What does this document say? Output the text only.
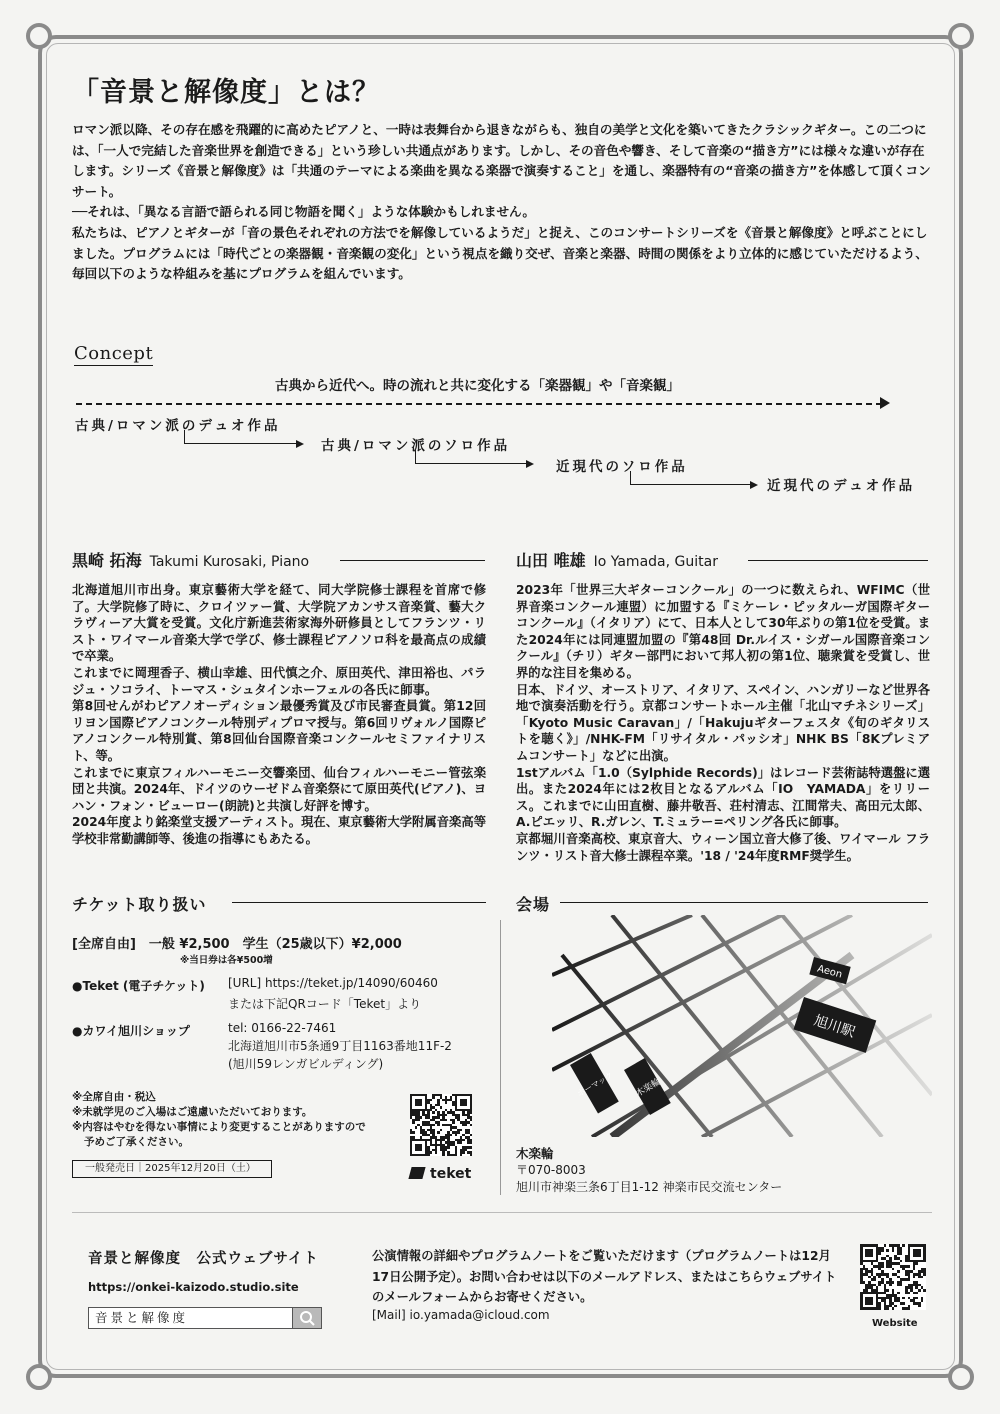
「音景と解像度」とは？

ロマン派以降、その存在感を飛躍的に高めたピアノと、一時は表舞台から退きながらも、独自の美学と文化を築いてきたクラシックギター。この二つには、「一人で完結した音楽世界を創造できる」という珍しい共通点があります。しかし、その音色や響き、そして音楽の“描き方”には様々な違いが存在します。シリーズ《音景と解像度》は「共通のテーマによる楽曲を異なる楽器で演奏すること」を通し、楽器特有の“音楽の描き方”を体感して頂くコンサート。

──それは、「異なる言語で語られる同じ物語を聞く」ような体験かもしれません。

私たちは、ピアノとギターが「音の景色それぞれの方法でを解像しているようだ」と捉え、このコンサートシリーズを《音景と解像度》と呼ぶことにしました。プログラムには「時代ごとの楽器観・音楽観の変化」という視点を織り交ぜ、音楽と楽器、時間の関係をより立体的に感じていただけるよう、毎回以下のような枠組みを基にプログラムを組んでいます。

Concept
古典から近代へ。時の流れと共に変化する「楽器観」や「音楽観」
古典/ロマン派のデュオ作品
古典/ロマン派のソロ作品
近現代のソロ作品
近現代のデュオ作品
黒崎 拓海 Takumi Kurosaki, Piano
北海道旭川市出身。東京藝術大学を経て、同大学院修士課程を首席で修了。大学院修了時に、クロイツァー賞、大学院アカンサス音楽賞、藝大クラヴィーア大賞を受賞。文化庁新進芸術家海外研修員としてフランツ・リスト・ワイマール音楽大学で学び、修士課程ピアノソロ科を最高点の成績で卒業。
これまでに岡理香子、横山幸雄、田代慎之介、原田英代、津田裕也、パラジュ・ソコライ、トーマス・シュタインホーフェルの各氏に師事。
第8回せんがわピアノオーディション最優秀賞及び市民審査員賞。第12回リヨン国際ピアノコンクール特別ディプロマ授与。第6回リヴォルノ国際ピアノコンクール特別賞、第8回仙台国際音楽コンクールセミファイナリスト、等。
これまでに東京フィルハーモニー交響楽団、仙台フィルハーモニー管弦楽団と共演。2024年、ドイツのウーゼドム音楽祭にて原田英代(ピアノ)、ヨハン・フォン・ビューロー(朗読)と共演し好評を博す。
2024年度より銘楽堂支援アーティスト。現在、東京藝術大学附属音楽高等学校非常勤講師等、後進の指導にもあたる。
山田 唯雄 Io Yamada, Guitar
2023年「世界三大ギターコンクール」の一つに数えられ、WFIMC（世界音楽コンクール連盟）に加盟する『ミケーレ・ピッタルーガ国際ギターコンクール』（イタリア）にて、日本人として30年ぶりの第1位を受賞。また2024年には同連盟加盟の『第48回 Dr.ルイス・シガール国際音楽コンクール』（チリ）ギター部門において邦人初の第1位、聴衆賞を受賞し、世界的な注目を集める。
日本、ドイツ、オーストリア、イタリア、スペイン、ハンガリーなど世界各地で演奏活動を行う。京都コンサートホール主催「北山マチネシリーズ」「Kyoto Music Caravan」/「Hakujuギターフェスタ《旬のギタリストを聴く》」/NHK-FM「リサイタル・パッシオ」NHK BS「8Kプレミアムコンサート」などに出演。
1stアルバム「1.0（Sylphide Records)」はレコード芸術誌特選盤に選出。また2024年には2枚目となるアルバム「IO　YAMADA」をリリース。これまでに山田直樹、藤井敬吾、荘村清志、江間常夫、高田元太郎、A.ピエッリ、R.ガレン、T.ミュラー=ペリング各氏に師事。
京都堀川音楽高校、東京音大、ウィーン国立音大修了後、ワイマール フランツ・リスト音大修士課程卒業。'18 / '24年度RMF奨学生。
チケット取り扱い
[全席自由]　一般 ¥2,500　学生（25歳以下）¥2,000
※当日券は各¥500増
●Teket (電子チケット) [URL] https://teket.jp/14090/60460
または下記QRコード「Teket」より
●カワイ旭川ショップ	tel: 0166-22-7461
北海道旭川市5条通9丁目1163番地11F-2
(旭川59レンガビルディング)
※全席自由・税込
※未就学児のご入場はご遠慮いただいております。
※内容はやむを得ない事情により変更することがありますので
予めご了承ください。
一般発売日｜2025年12月20日（土）	teket
会場
Aeon
旭川駅
ホーマック 木楽輪
木楽輪
〒070-8003
旭川市神楽三条6丁目1-12 神楽市民交流センター
音景と解像度　公式ウェブサイト
https://onkei-kaizodo.studio.site
音景と解像度
公演情報の詳細やプログラムノートをご覧いただけます（プログラムノートは12月17日公開予定）。お問い合わせは以下のメールアドレス、またはこちらウェブサイトのメールフォームからお寄せください。
[Mail] io.yamada@icloud.com
Website
